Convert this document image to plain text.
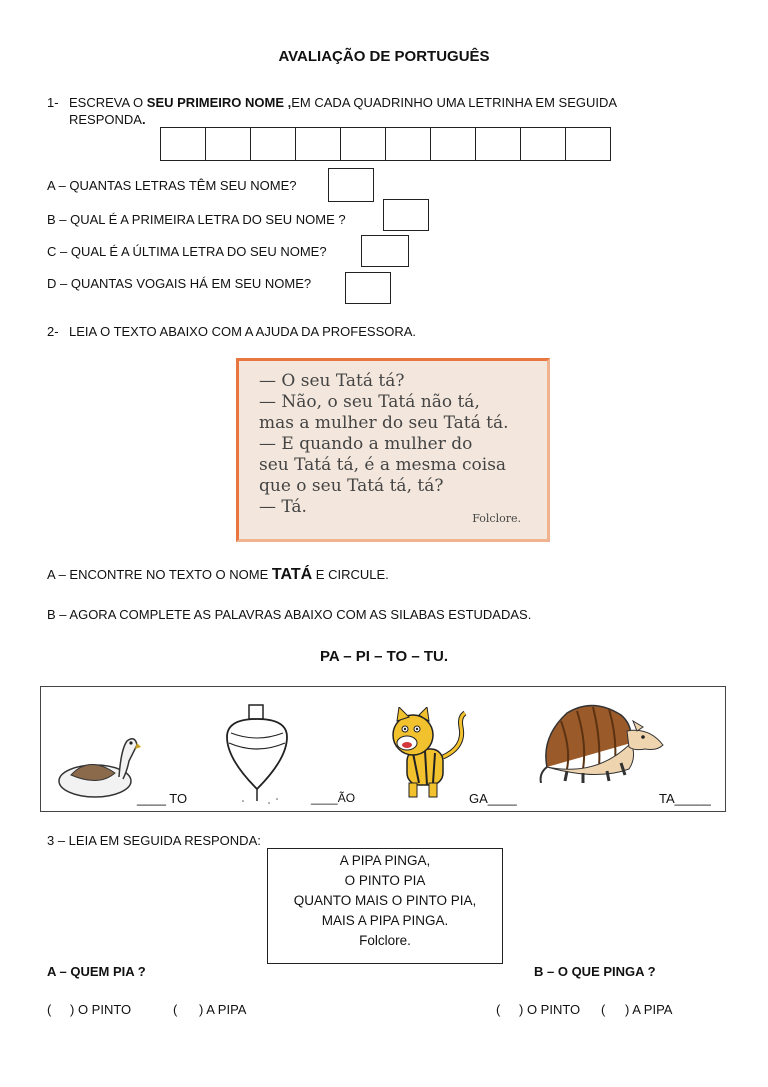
AVALIAÇÃO DE PORTUGUÊS
1- ESCREVA O SEU PRIMEIRO NOME ,EM CADA QUADRINHO UMA LETRINHA EM SEGUIDA
RESPONDA.
A – QUANTAS LETRAS TÊM SEU NOME?
B – QUAL É A PRIMEIRA LETRA DO SEU NOME ?
C – QUAL É A ÚLTIMA LETRA DO SEU NOME?
D – QUANTAS VOGAIS HÁ EM SEU NOME?
2- LEIA O TEXTO ABAIXO COM A AJUDA DA PROFESSORA.
— O seu Tatá tá?
— Não, o seu Tatá não tá,
mas a mulher do seu Tatá tá.
— E quando a mulher do
seu Tatá tá, é a mesma coisa
que o seu Tatá tá, tá?
— Tá.
Folclore.
A – ENCONTRE NO TEXTO O NOME TATÁ E CIRCULE.
B – AGORA COMPLETE AS PALAVRAS ABAIXO COM AS SILABAS ESTUDADAS.
PA – PI – TO – TU.
____ TO	____ÃO	GA____	TA_____
3 – LEIA EM SEGUIDA RESPONDA:
A PIPA PINGA,
O PINTO PIA
QUANTO MAIS O PINTO PIA,
MAIS A PIPA PINGA.
Folclore.
A – QUEM PIA ?	B – O QUE PINGA ?
( ) O PINTO	( ) A PIPA	( ) O PINTO ( ) A PIPA
